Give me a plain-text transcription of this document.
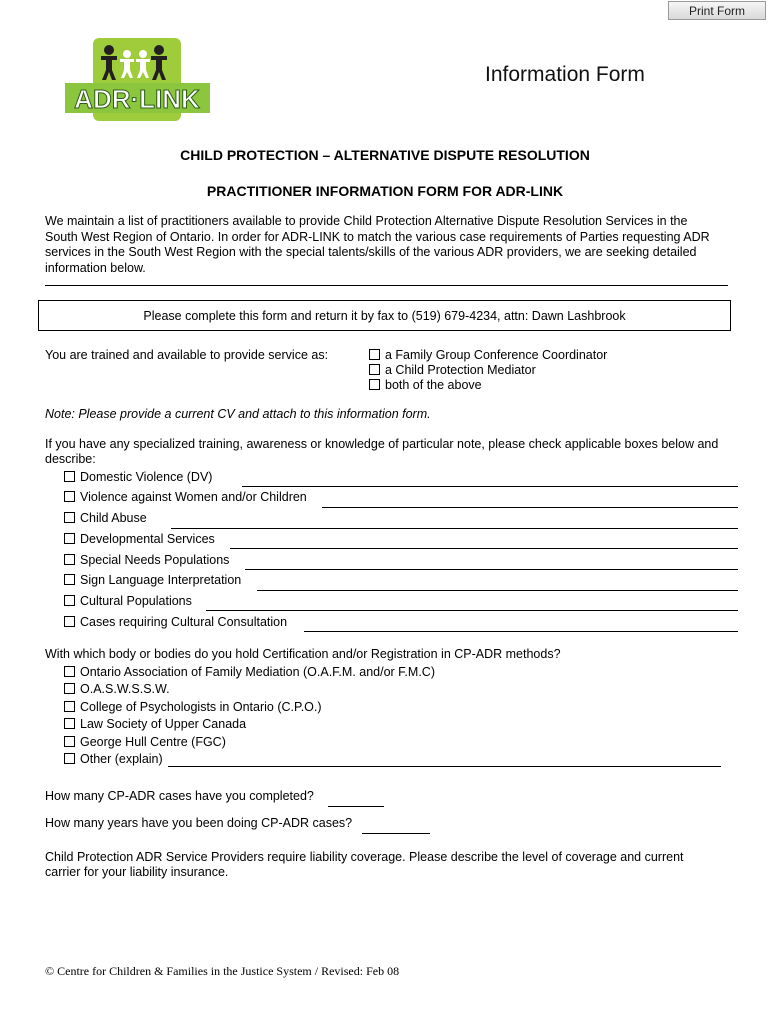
Print Form
ADR·LINK
Information Form
CHILD PROTECTION – ALTERNATIVE DISPUTE RESOLUTION
PRACTITIONER INFORMATION FORM FOR ADR-LINK
We maintain a list of practitioners available to provide Child Protection Alternative Dispute Resolution Services in the
South West Region of Ontario. In order for ADR-LINK to match the various case requirements of Parties requesting ADR
services in the South West Region with the special talents/skills of the various ADR providers, we are seeking detailed
information below.
Please complete this form and return it by fax to (519) 679-4234, attn: Dawn Lashbrook
You are trained and available to provide service as:	a Family Group Conference Coordinator
a Child Protection Mediator
both of the above
Note: Please provide a current CV and attach to this information form.
If you have any specialized training, awareness or knowledge of particular note, please check applicable boxes below and
describe:
Domestic Violence (DV)
Violence against Women and/or Children
Child Abuse
Developmental Services
Special Needs Populations
Sign Language Interpretation
Cultural Populations
Cases requiring Cultural Consultation
With which body or bodies do you hold Certification and/or Registration in CP-ADR methods?
Ontario Association of Family Mediation (O.A.F.M. and/or F.M.C)
O.A.S.W.S.S.W.
College of Psychologists in Ontario (C.P.O.)
Law Society of Upper Canada
George Hull Centre (FGC)
Other (explain)
How many CP-ADR cases have you completed?
How many years have you been doing CP-ADR cases?
Child Protection ADR Service Providers require liability coverage. Please describe the level of coverage and current
carrier for your liability insurance.
© Centre for Children & Families in the Justice System / Revised: Feb 08
